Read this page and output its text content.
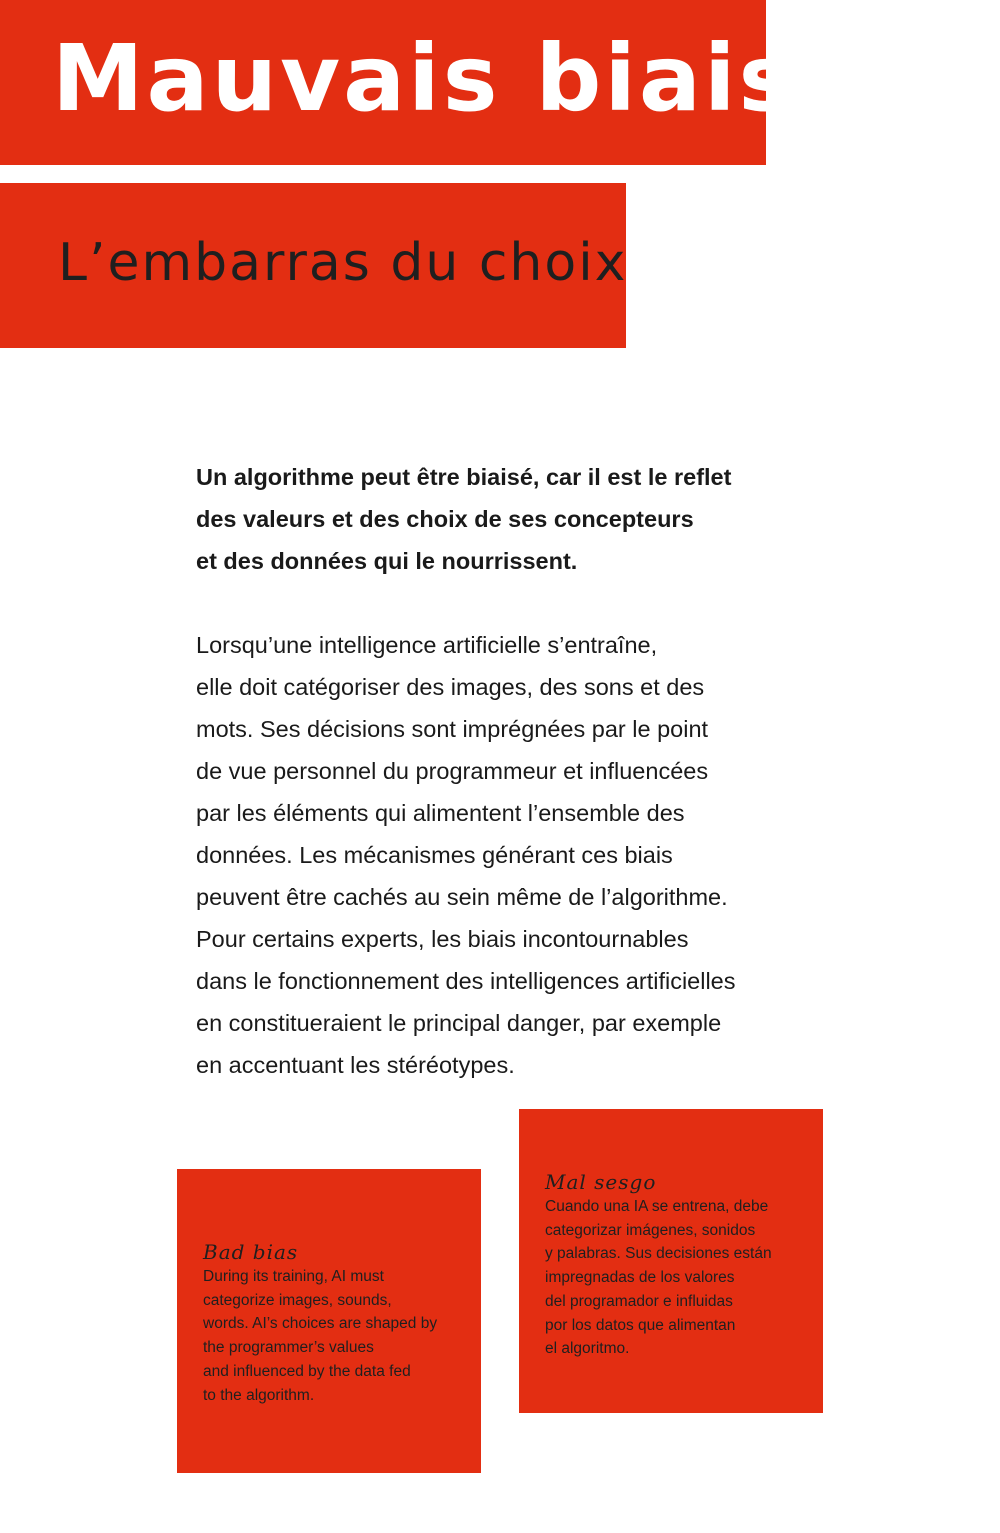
Mauvais biais
L’embarras du choix

Un algorithme peut être biaisé, car il est le reflet
des valeurs et des choix de ses concepteurs
et des données qui le nourrissent.

Lorsqu’une intelligence artificielle s’entraîne,
elle doit catégoriser des images, des sons et des
mots. Ses décisions sont imprégnées par le point
de vue personnel du programmeur et influencées
par les éléments qui alimentent l’ensemble des
données. Les mécanismes générant ces biais
peuvent être cachés au sein même de l’algorithme.
Pour certains experts, les biais incontournables
dans le fonctionnement des intelligences artificielles
en constitueraient le principal danger, par exemple
en accentuant les stéréotypes.

Bad bias

During its training, AI must
categorize images, sounds,
words. AI’s choices are shaped by
the programmer’s values
and influenced by the data fed
to the algorithm.

Mal sesgo

Cuando una IA se entrena, debe
categorizar imágenes, sonidos
y palabras. Sus decisiones están
impregnadas de los valores
del programador e influidas
por los datos que alimentan
el algoritmo.
